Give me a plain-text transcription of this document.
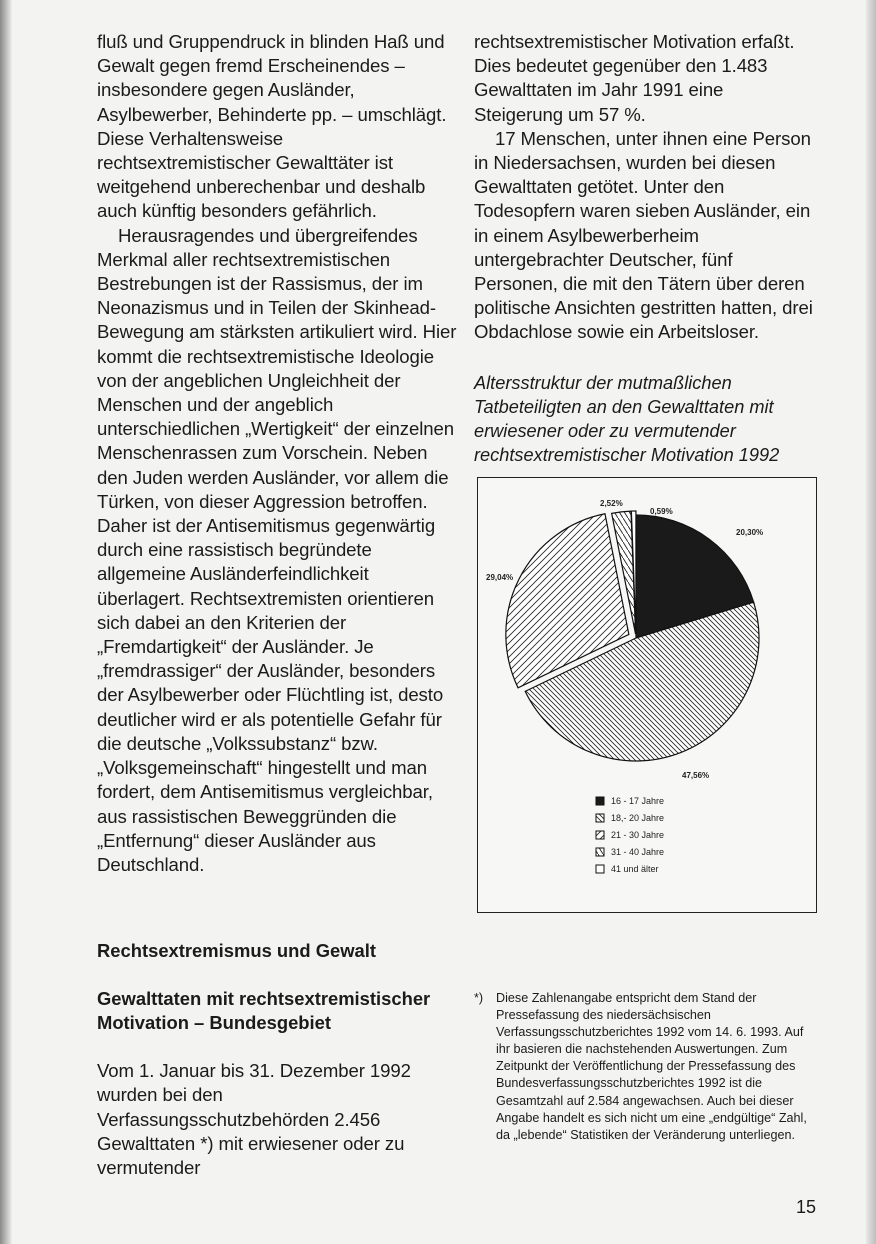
fluß und Gruppendruck in blinden Haß und Gewalt gegen fremd Erscheinendes – insbesondere gegen Ausländer, Asylbewerber, Behinderte pp. – umschlägt. Diese Verhaltensweise rechtsextremistischer Gewalttäter ist weitgehend unberechenbar und deshalb auch künftig besonders gefährlich.

Herausragendes und übergreifendes Merkmal aller rechtsextremistischen Bestrebungen ist der Rassismus, der im Neonazismus und in Teilen der Skinhead-Bewegung am stärksten artikuliert wird. Hier kommt die rechtsextremistische Ideologie von der angeblichen Ungleichheit der Menschen und der angeblich unterschiedlichen „Wertigkeit“ der einzelnen Menschenrassen zum Vorschein. Neben den Juden werden Ausländer, vor allem die Türken, von dieser Aggression betroffen. Daher ist der Antisemitismus gegenwärtig durch eine rassistisch begründete allgemeine Ausländerfeindlichkeit überlagert. Rechtsextremisten orientieren sich dabei an den Kriterien der „Fremdartigkeit“ der Ausländer. Je „fremdrassiger“ der Ausländer, besonders der Asylbewerber oder Flüchtling ist, desto deutlicher wird er als potentielle Gefahr für die deutsche „Volkssubstanz“ bzw. „Volksgemeinschaft“ hingestellt und man fordert, dem Antisemitismus vergleichbar, aus rassistischen Beweggründen die „Entfernung“ dieser Ausländer aus Deutschland.

Rechtsextremismus und Gewalt

Gewalttaten mit rechtsextremistischer Motivation – Bundesgebiet

Vom 1. Januar bis 31. Dezember 1992 wurden bei den Verfassungsschutzbehörden 2.456 Gewalttaten *) mit erwiesener oder zu vermutender

rechtsextremistischer Motivation erfaßt. Dies bedeutet gegenüber den 1.483 Gewalttaten im Jahr 1991 eine Steigerung um 57 %.

17 Menschen, unter ihnen eine Person in Niedersachsen, wurden bei diesen Gewalttaten getötet. Unter den Todesopfern waren sieben Ausländer, ein in einem Asylbewerberheim untergebrachter Deutscher, fünf Personen, die mit den Tätern über deren politische Ansichten gestritten hatten, drei Obdachlose sowie ein Arbeitsloser.

Altersstruktur der mutmaßlichen Tatbeteiligten an den Gewalttaten mit erwiesener oder zu vermutender rechtsextremistischer Motivation 1992

20,30%
47,56%
29,04%
2,52%
0,59%
16 - 17 Jahre
18,- 20 Jahre
21 - 30 Jahre
31 - 40 Jahre
41 und älter
*) Diese Zahlenangabe entspricht dem Stand der Pressefassung des niedersächsischen Verfassungsschutzberichtes 1992 vom 14. 6. 1993. Auf ihr basieren die nachstehenden Auswertungen. Zum Zeitpunkt der Veröffentlichung der Pressefassung des Bundesverfassungsschutzberichtes 1992 ist die Gesamtzahl auf 2.584 angewachsen. Auch bei dieser Angabe handelt es sich nicht um eine „endgültige“ Zahl, da „lebende“ Statistiken der Veränderung unterliegen.
15
